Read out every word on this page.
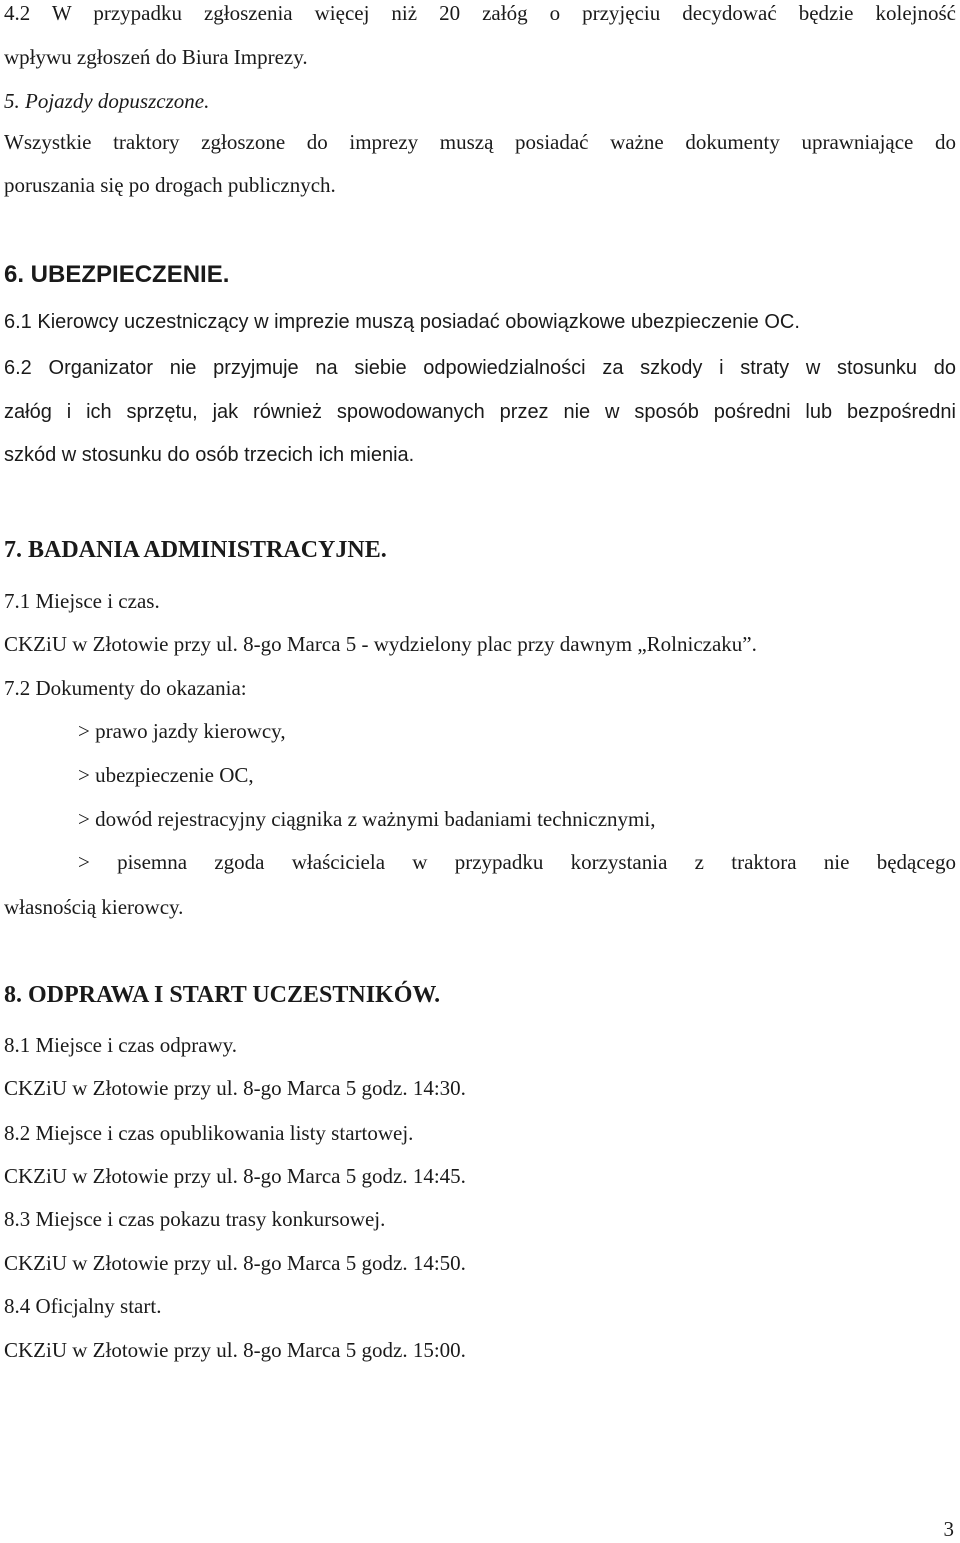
4.2 W przypadku zgłoszenia więcej niż 20 załóg o przyjęciu decydować będzie kolejność

wpływu zgłoszeń do Biura Imprezy.

5. Pojazdy dopuszczone.

Wszystkie traktory zgłoszone do imprezy muszą posiadać ważne dokumenty uprawniające do

poruszania się po drogach publicznych.

6. UBEZPIECZENIE.

6.1 Kierowcy uczestniczący w imprezie muszą posiadać obowiązkowe ubezpieczenie OC.

6.2 Organizator nie przyjmuje na siebie odpowiedzialności za szkody i straty w stosunku do

załóg i ich sprzętu, jak również spowodowanych przez nie w sposób pośredni lub bezpośredni

szkód w stosunku do osób trzecich ich mienia.

7. BADANIA ADMINISTRACYJNE.

7.1 Miejsce i czas.

CKZiU w Złotowie przy ul. 8-go Marca 5 - wydzielony plac przy dawnym „Rolniczaku”.

7.2 Dokumenty do okazania:

> prawo jazdy kierowcy,

> ubezpieczenie OC,

> dowód rejestracyjny ciągnika z ważnymi badaniami technicznymi,

> pisemna zgoda właściciela w przypadku korzystania z traktora nie będącego

własnością kierowcy.

8. ODPRAWA I START UCZESTNIKÓW.

8.1 Miejsce i czas odprawy.

CKZiU w Złotowie przy ul. 8-go Marca 5 godz. 14:30.

8.2 Miejsce i czas opublikowania listy startowej.

CKZiU w Złotowie przy ul. 8-go Marca 5 godz. 14:45.

8.3 Miejsce i czas pokazu trasy konkursowej.

CKZiU w Złotowie przy ul. 8-go Marca 5 godz. 14:50.

8.4 Oficjalny start.

CKZiU w Złotowie przy ul. 8-go Marca 5 godz. 15:00.

3
